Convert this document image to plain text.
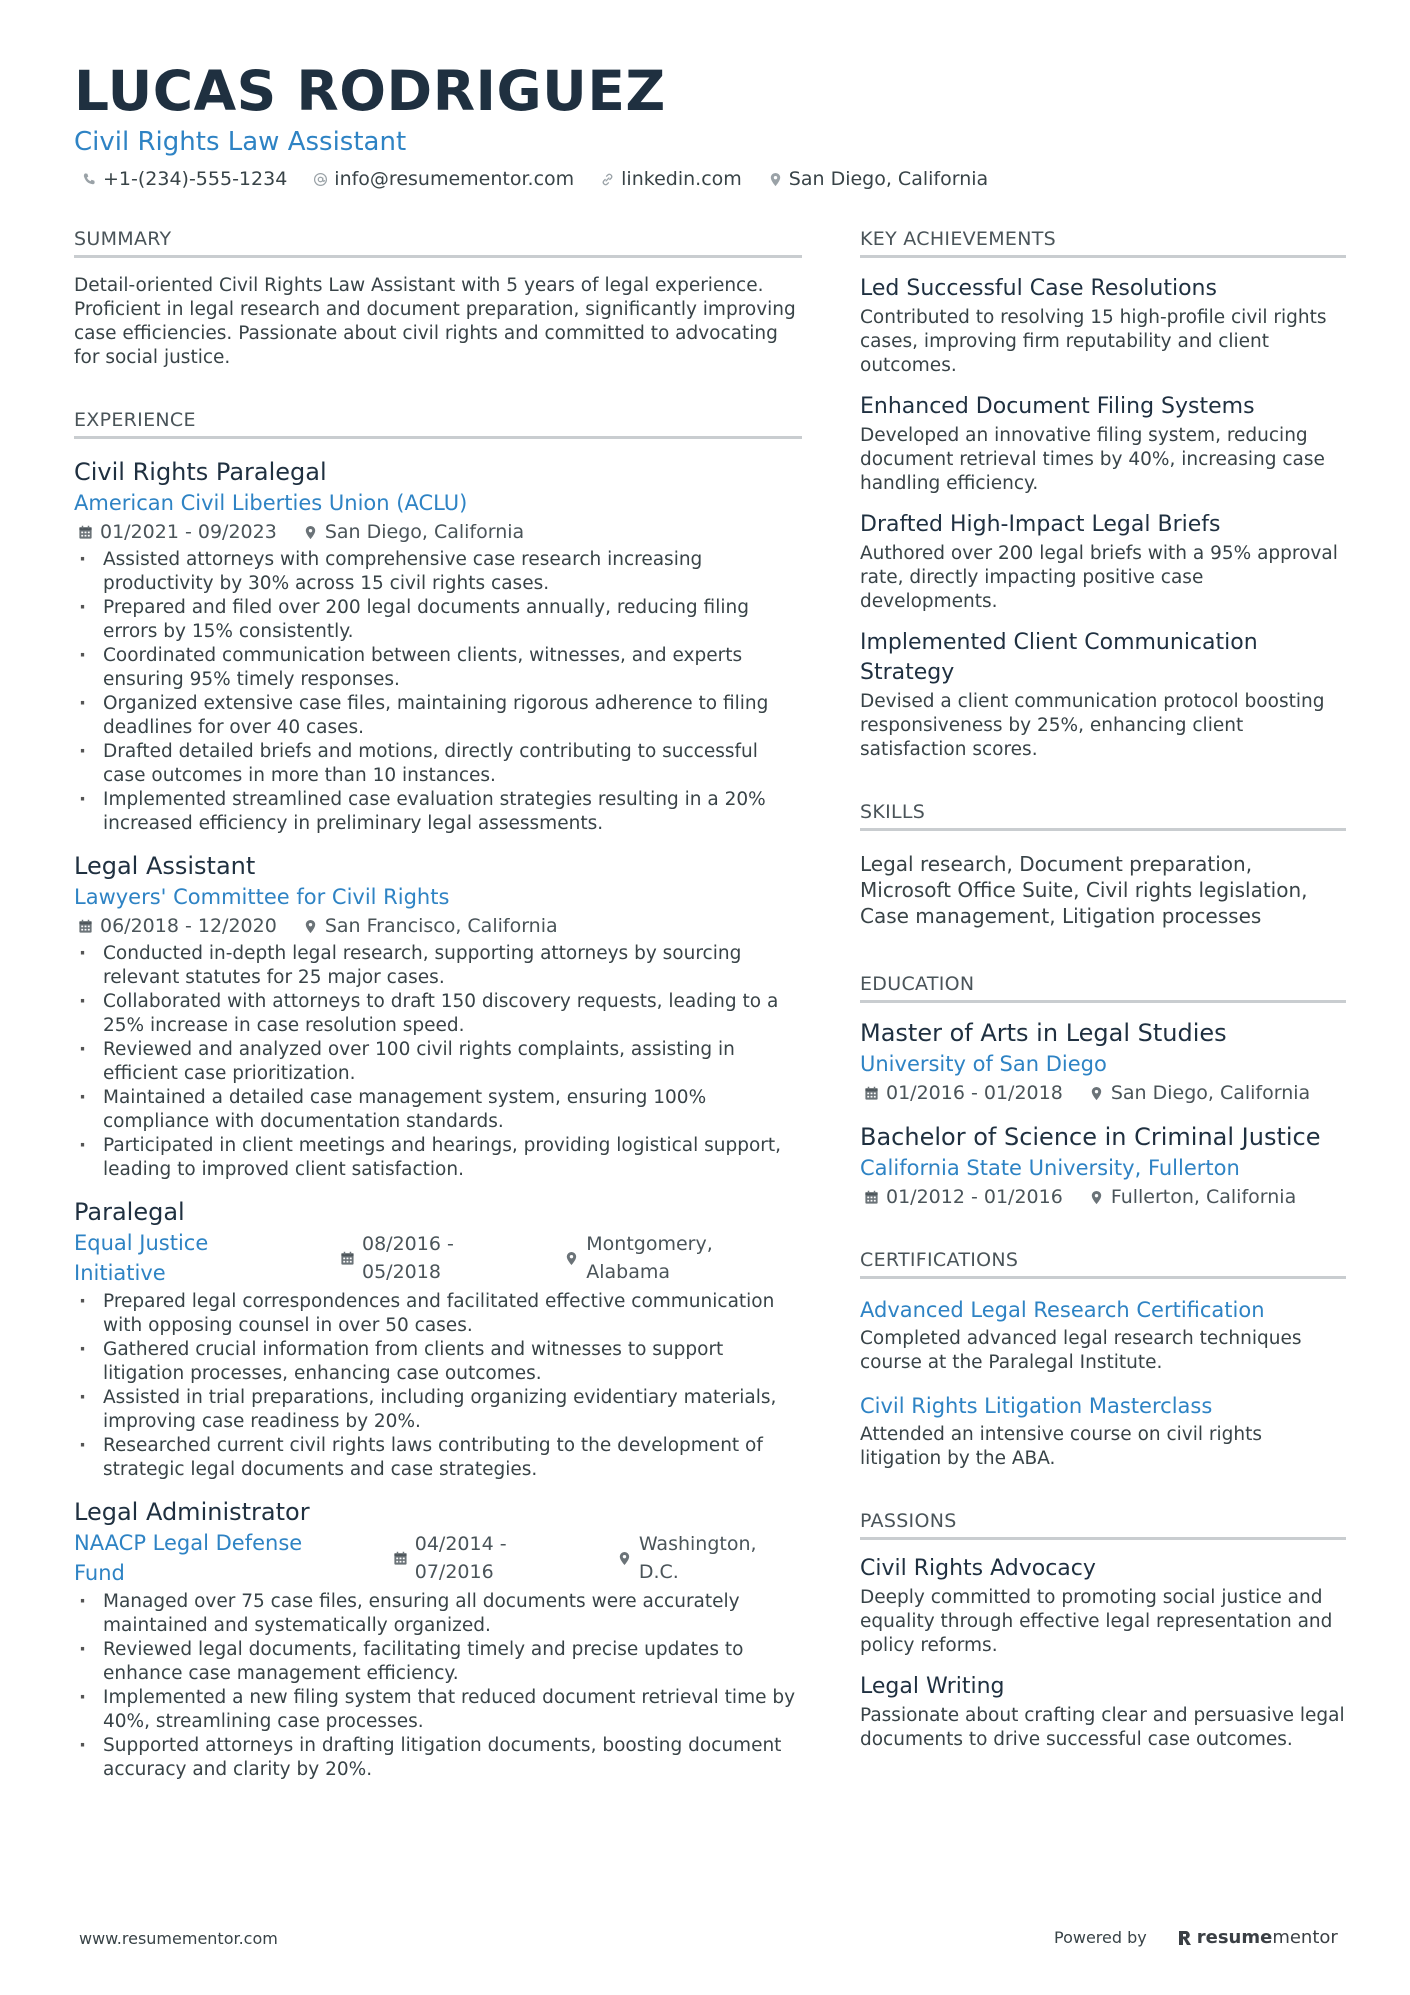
LUCAS RODRIGUEZ
Civil Rights Law Assistant
+1-(234)-555-1234 info@resumementor.com linkedin.com San Diego, California
SUMMARY
Detail-oriented Civil Rights Law Assistant with 5 years of legal experience. Proficient in legal research and document preparation, significantly improving case efficiencies. Passionate about civil rights and committed to advocating for social justice.
EXPERIENCE
Civil Rights Paralegal
American Civil Liberties Union (ACLU)
01/2021 - 09/2023	San Diego, California
· Assisted attorneys with comprehensive case research increasing productivity by 30% across 15 civil rights cases.
· Prepared and filed over 200 legal documents annually, reducing filing errors by 15% consistently.
· Coordinated communication between clients, witnesses, and experts ensuring 95% timely responses.
· Organized extensive case files, maintaining rigorous adherence to filing deadlines for over 40 cases.
· Drafted detailed briefs and motions, directly contributing to successful case outcomes in more than 10 instances.
· Implemented streamlined case evaluation strategies resulting in a 20% increased efficiency in preliminary legal assessments.
Legal Assistant
Lawyers' Committee for Civil Rights
06/2018 - 12/2020	San Francisco, California
· Conducted in-depth legal research, supporting attorneys by sourcing relevant statutes for 25 major cases.
· Collaborated with attorneys to draft 150 discovery requests, leading to a 25% increase in case resolution speed.
· Reviewed and analyzed over 100 civil rights complaints, assisting in efficient case prioritization.
· Maintained a detailed case management system, ensuring 100% compliance with documentation standards.
· Participated in client meetings and hearings, providing logistical support, leading to improved client satisfaction.
Paralegal
Equal Justice Initiative
08/2016 - 05/2018
Montgomery, Alabama
· Prepared legal correspondences and facilitated effective communication with opposing counsel in over 50 cases.
· Gathered crucial information from clients and witnesses to support litigation processes, enhancing case outcomes.
· Assisted in trial preparations, including organizing evidentiary materials, improving case readiness by 20%.
· Researched current civil rights laws contributing to the development of strategic legal documents and case strategies.
Legal Administrator
NAACP Legal Defense Fund
04/2014 - 07/2016
Washington, D.C.
· Managed over 75 case files, ensuring all documents were accurately maintained and systematically organized.
· Reviewed legal documents, facilitating timely and precise updates to enhance case management efficiency.
· Implemented a new filing system that reduced document retrieval time by 40%, streamlining case processes.
· Supported attorneys in drafting litigation documents, boosting document accuracy and clarity by 20%.
KEY ACHIEVEMENTS
Led Successful Case Resolutions
Contributed to resolving 15 high-profile civil rights cases, improving firm reputability and client outcomes.
Enhanced Document Filing Systems
Developed an innovative filing system, reducing document retrieval times by 40%, increasing case handling efficiency.
Drafted High-Impact Legal Briefs
Authored over 200 legal briefs with a 95% approval rate, directly impacting positive case developments.
Implemented Client Communication Strategy
Devised a client communication protocol boosting responsiveness by 25%, enhancing client satisfaction scores.
SKILLS
Legal research, Document preparation, Microsoft Office Suite, Civil rights legislation, Case management, Litigation processes
EDUCATION
Master of Arts in Legal Studies
University of San Diego
01/2016 - 01/2018	San Diego, California
Bachelor of Science in Criminal Justice
California State University, Fullerton
01/2012 - 01/2016	Fullerton, California
CERTIFICATIONS
Advanced Legal Research Certification
Completed advanced legal research techniques course at the Paralegal Institute.
Civil Rights Litigation Masterclass
Attended an intensive course on civil rights litigation by the ABA.
PASSIONS
Civil Rights Advocacy
Deeply committed to promoting social justice and equality through effective legal representation and policy reforms.
Legal Writing
Passionate about crafting clear and persuasive legal documents to drive successful case outcomes.
www.resumementor.com	Powered by	resume mentor
